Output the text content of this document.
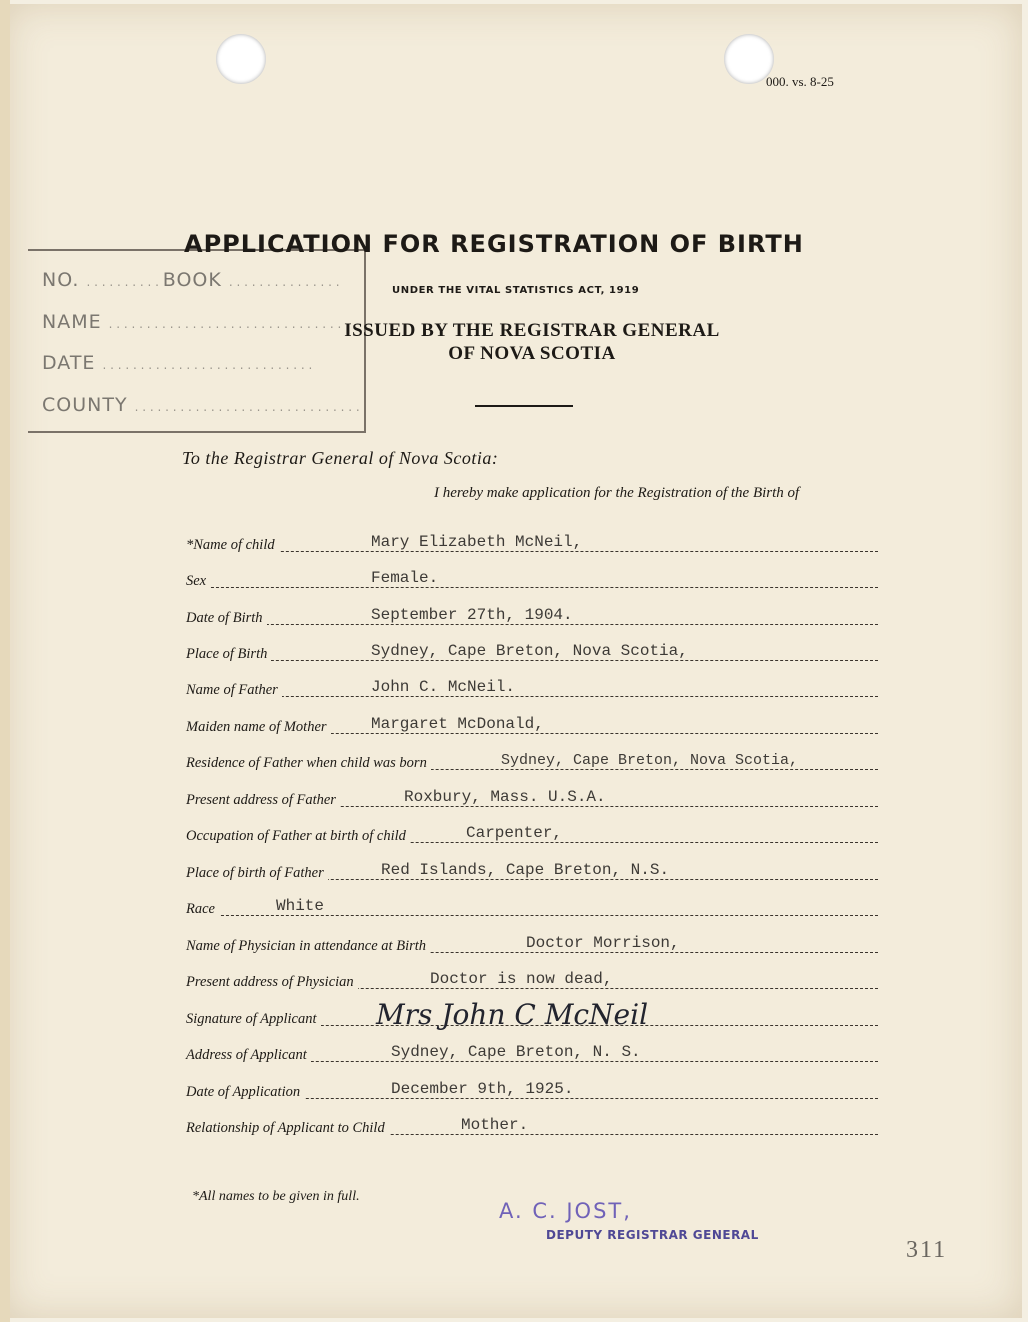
000. vs. 8-25
NO. . . . . . . . . . . BOOK . . . . . . . . . . . . . . .
NAME . . . . . . . . . . . . . . . . . . . . . . . . . . . . . . .
DATE . . . . . . . . . . . . . . . . . . . . . . . . . . . .
COUNTY . . . . . . . . . . . . . . . . . . . . . . . . . . . . . .
APPLICATION FOR REGISTRATION OF BIRTH
UNDER THE VITAL STATISTICS ACT, 1919
ISSUED BY THE REGISTRAR GENERAL
OF NOVA SCOTIA
To the Registrar General of Nova Scotia:
I hereby make application for the Registration of the Birth of
*Name of child	Mary Elizabeth McNeil,
Sex	Female.
Date of Birth	September 27th, 1904.
Place of Birth	Sydney, Cape Breton, Nova Scotia,
Name of Father	John C. McNeil.
Maiden name of Mother	Margaret McDonald,
Residence of Father when child was born	Sydney, Cape Breton, Nova Scotia,
Present address of Father	Roxbury, Mass. U.S.A.
Occupation of Father at birth of child	Carpenter,
Place of birth of Father	Red Islands, Cape Breton, N.S.
Race	White
Name of Physician in attendance at Birth	Doctor Morrison,
Present address of Physician	Doctor is now dead,
Signature of Applicant Mrs John C McNeil
Address of Applicant	Sydney, Cape Breton, N. S.
Date of Application	December 9th, 1925.
Relationship of Applicant to Child	Mother.
*All names to be given in full.
A. C. JOST,
DEPUTY REGISTRAR GENERAL
311
